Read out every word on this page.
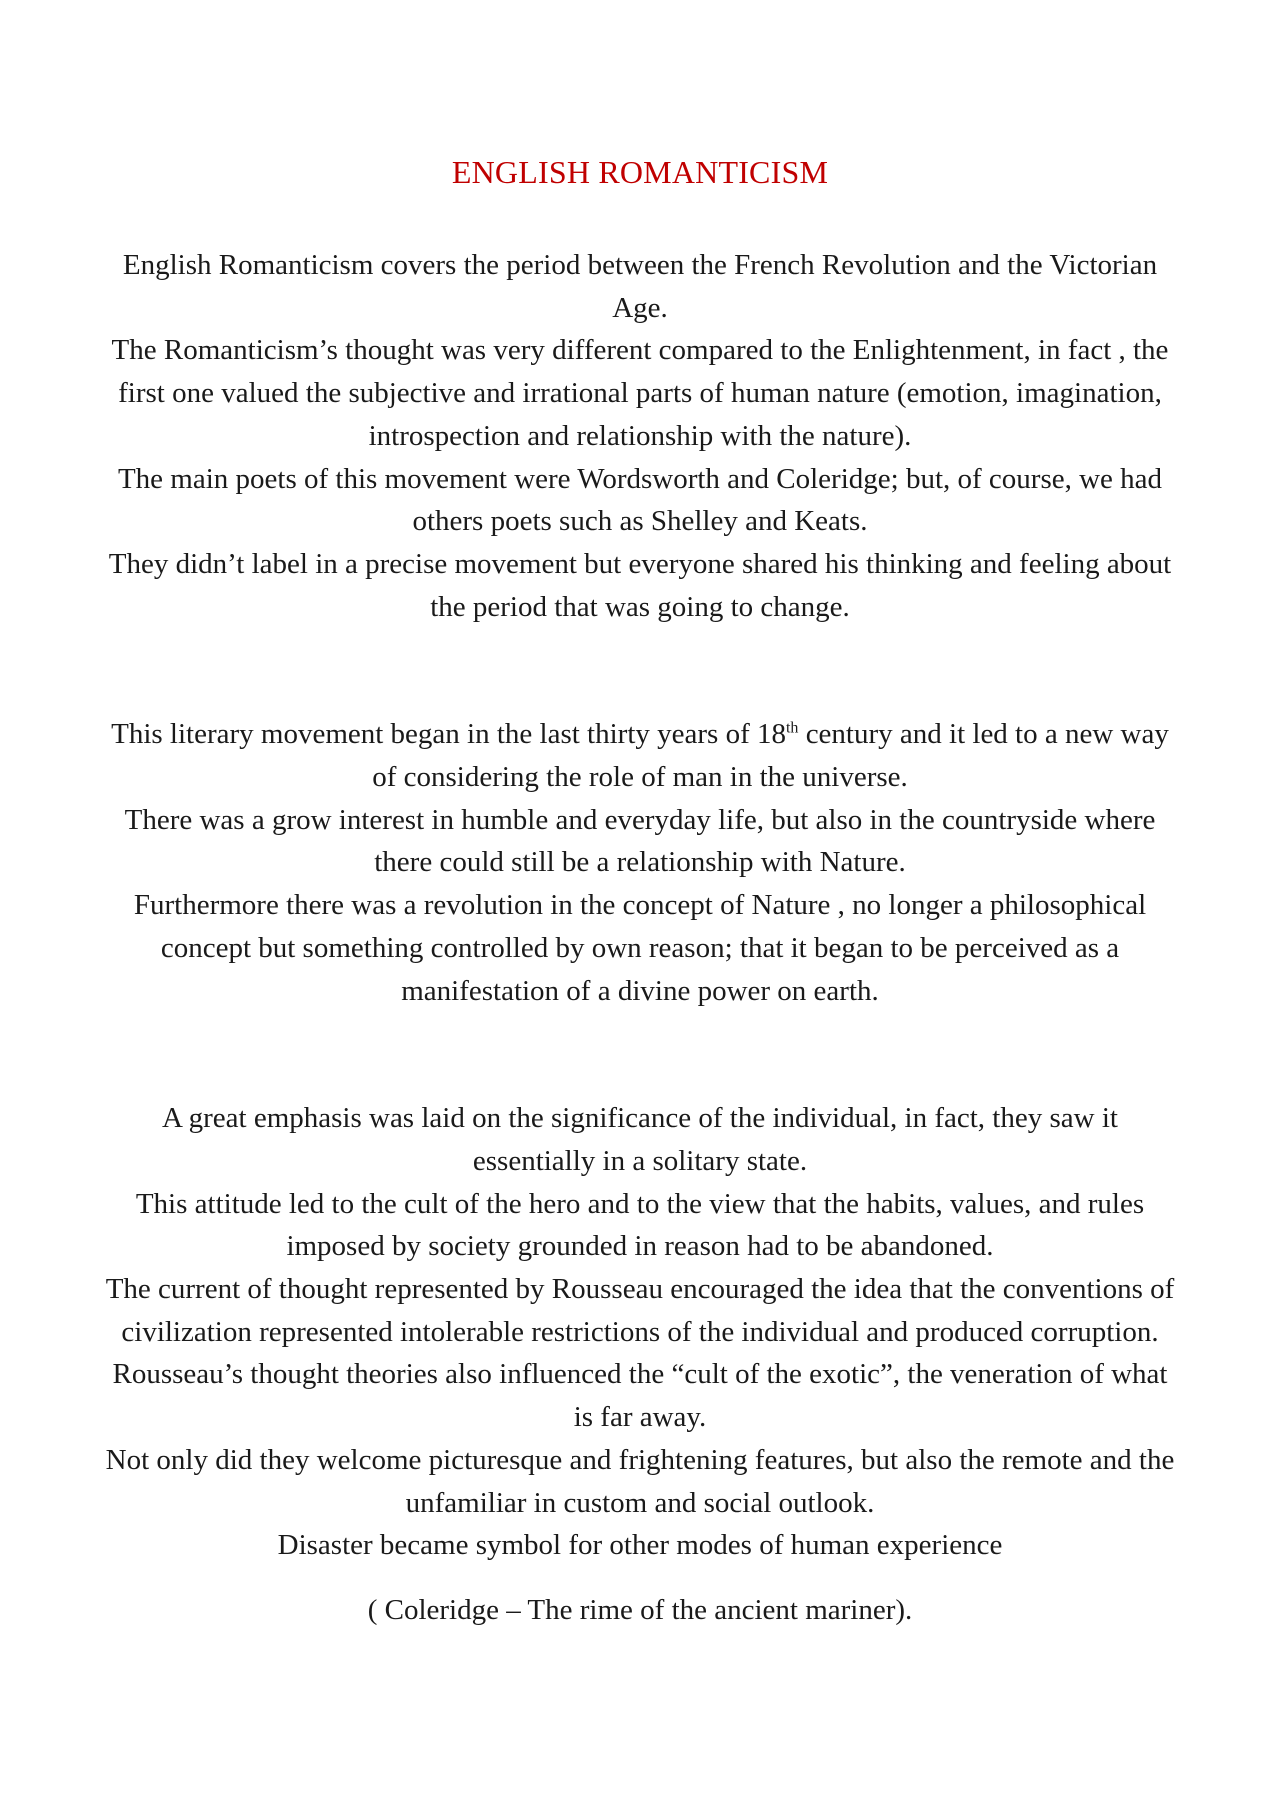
ENGLISH ROMANTICISM

English Romanticism covers the period between the French Revolution and the Victorian Age.

The Romanticism’s thought was very different compared to the Enlightenment, in fact , the first one valued the subjective and irrational parts of human nature (emotion, imagination, introspection and relationship with the nature).

The main poets of this movement were Wordsworth and Coleridge; but, of course, we had others poets such as Shelley and Keats.

They didn’t label in a precise movement but everyone shared his thinking and feeling about the period that was going to change.

This literary movement began in the last thirty years of 18th century and it led to a new way of considering the role of man in the universe.

There was a grow interest in humble and everyday life, but also in the countryside where there could still be a relationship with Nature.

Furthermore there was a revolution in the concept of Nature , no longer a philosophical concept but something controlled by own reason; that it began to be perceived as a manifestation of a divine power on earth.

A great emphasis was laid on the significance of the individual, in fact, they saw it essentially in a solitary state.

This attitude led to the cult of the hero and to the view that the habits, values, and rules imposed by society grounded in reason had to be abandoned.

The current of thought represented by Rousseau encouraged the idea that the conventions of civilization represented intolerable restrictions of the individual and produced corruption.

Rousseau’s thought theories also influenced the “cult of the exotic”, the veneration of what is far away.

Not only did they welcome picturesque and frightening features, but also the remote and the unfamiliar in custom and social outlook.

Disaster became symbol for other modes of human experience

( Coleridge – The rime of the ancient mariner).
